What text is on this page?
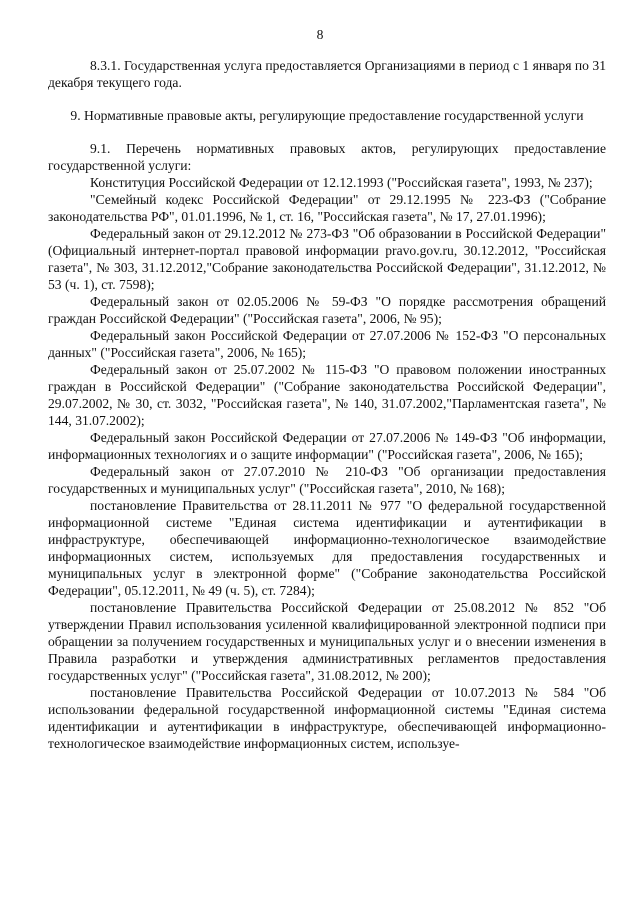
8

8.3.1. Государственная услуга предоставляется Организациями в период с 1 января по 31 декабря текущего года.

9. Нормативные правовые акты, регулирующие предоставление государственной услуги

9.1. Перечень нормативных правовых актов, регулирующих предоставление государственной услуги:

Конституция Российской Федерации от 12.12.1993 ("Российская газета", 1993, № 237);

"Семейный кодекс Российской Федерации" от 29.12.1995 № 223-ФЗ ("Собрание законодательства РФ", 01.01.1996, № 1, ст. 16, "Российская газета", № 17, 27.01.1996);

Федеральный закон от 29.12.2012 № 273-ФЗ "Об образовании в Российской Федерации" (Официальный интернет-портал правовой информации pravo.gov.ru, 30.12.2012, "Российская газета", № 303, 31.12.2012,"Собрание законодательства Российской Федерации", 31.12.2012, № 53 (ч. 1), ст. 7598);

Федеральный закон от 02.05.2006 № 59-ФЗ "О порядке рассмотрения обращений граждан Российской Федерации" ("Российская газета", 2006, № 95);

Федеральный закон Российской Федерации от 27.07.2006 № 152-ФЗ "О персональных данных" ("Российская газета", 2006, № 165);

Федеральный закон от 25.07.2002 № 115-ФЗ "О правовом положении иностранных граждан в Российской Федерации" ("Собрание законодательства Российской Федерации", 29.07.2002, № 30, ст. 3032, "Российская газета", № 140, 31.07.2002,"Парламентская газета", № 144, 31.07.2002);

Федеральный закон Российской Федерации от 27.07.2006 № 149-ФЗ "Об информации, информационных технологиях и о защите информации" ("Российская газета", 2006, № 165);

Федеральный закон от 27.07.2010 № 210-ФЗ "Об организации предоставления государственных и муниципальных услуг" ("Российская газета", 2010, № 168);

постановление Правительства от 28.11.2011 № 977 "О федеральной государственной информационной системе "Единая система идентификации и аутентификации в инфраструктуре, обеспечивающей информационно-технологическое взаимодействие информационных систем, используемых для предоставления государственных и муниципальных услуг в электронной форме" ("Собрание законодательства Российской Федерации", 05.12.2011, № 49 (ч. 5), ст. 7284);

постановление Правительства Российской Федерации от 25.08.2012 № 852 "Об утверждении Правил использования усиленной квалифицированной электронной подписи при обращении за получением государственных и муниципальных услуг и о внесении изменения в Правила разработки и утверждения административных регламентов предоставления государственных услуг" ("Российская газета", 31.08.2012, № 200);

постановление Правительства Российской Федерации от 10.07.2013 № 584 "Об использовании федеральной государственной информационной системы "Единая система идентификации и аутентификации в инфраструктуре, обеспечивающей информационно-технологическое взаимодействие информационных систем, используе-
